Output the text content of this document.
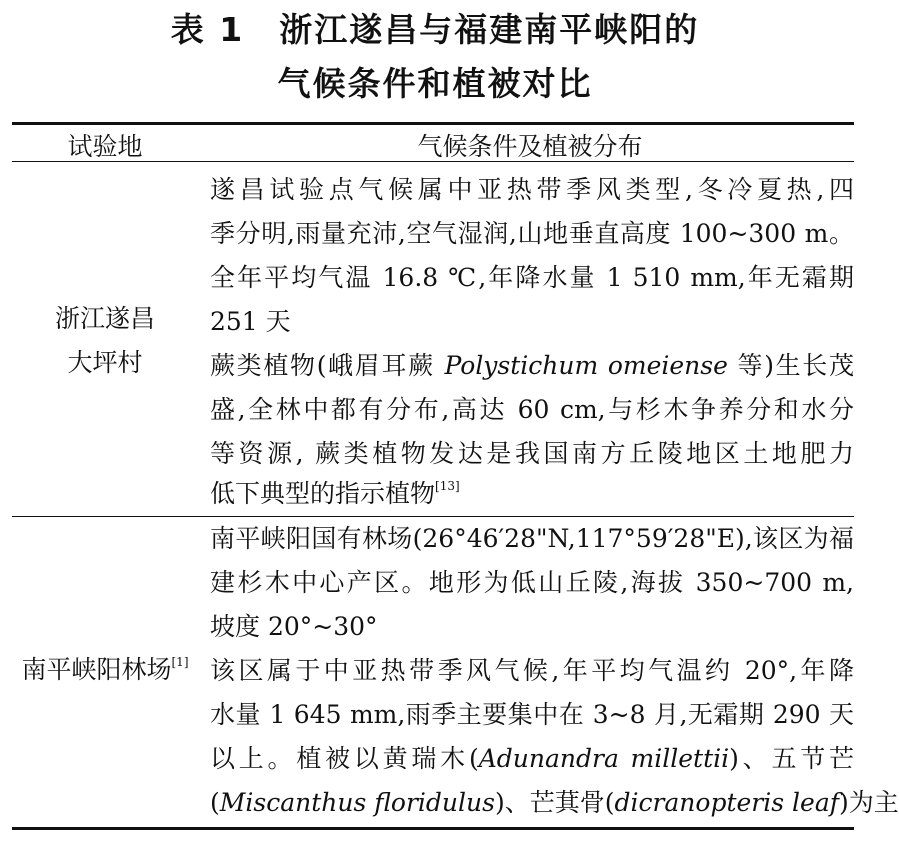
表 1　浙江遂昌与福建南平峡阳的
气候条件和植被对比
试验地	气候条件及植被分布
浙江遂昌
大坪村
遂昌试验点气候属中亚热带季风类型,冬冷夏热,四
季分明,雨量充沛,空气湿润,山地垂直高度 100~300 m。
全年平均气温 16.8 ℃,年降水量 1 510 mm,年无霜期
251 天
蕨类植物(峨眉耳蕨 Polystichum omeiense 等)生长茂
盛,全林中都有分布,高达 60 cm,与杉木争养分和水分
等资源, 蕨类植物发达是我国南方丘陵地区土地肥力
低下典型的指示植物[13]
南平峡阳林场[1]
南平峡阳国有林场(26°46′28"N,117°59′28"E),该区为福
建杉木中心产区。地形为低山丘陵,海拔 350~700 m,
坡度 20°~30°
该区属于中亚热带季风气候,年平均气温约 20°,年降
水量 1 645 mm,雨季主要集中在 3~8 月,无霜期 290 天
以上。植被以黄瑞木(Adunandra millettii)、五节芒
(Miscanthus floridulus)、芒萁骨(dicranopteris leaf)为主
